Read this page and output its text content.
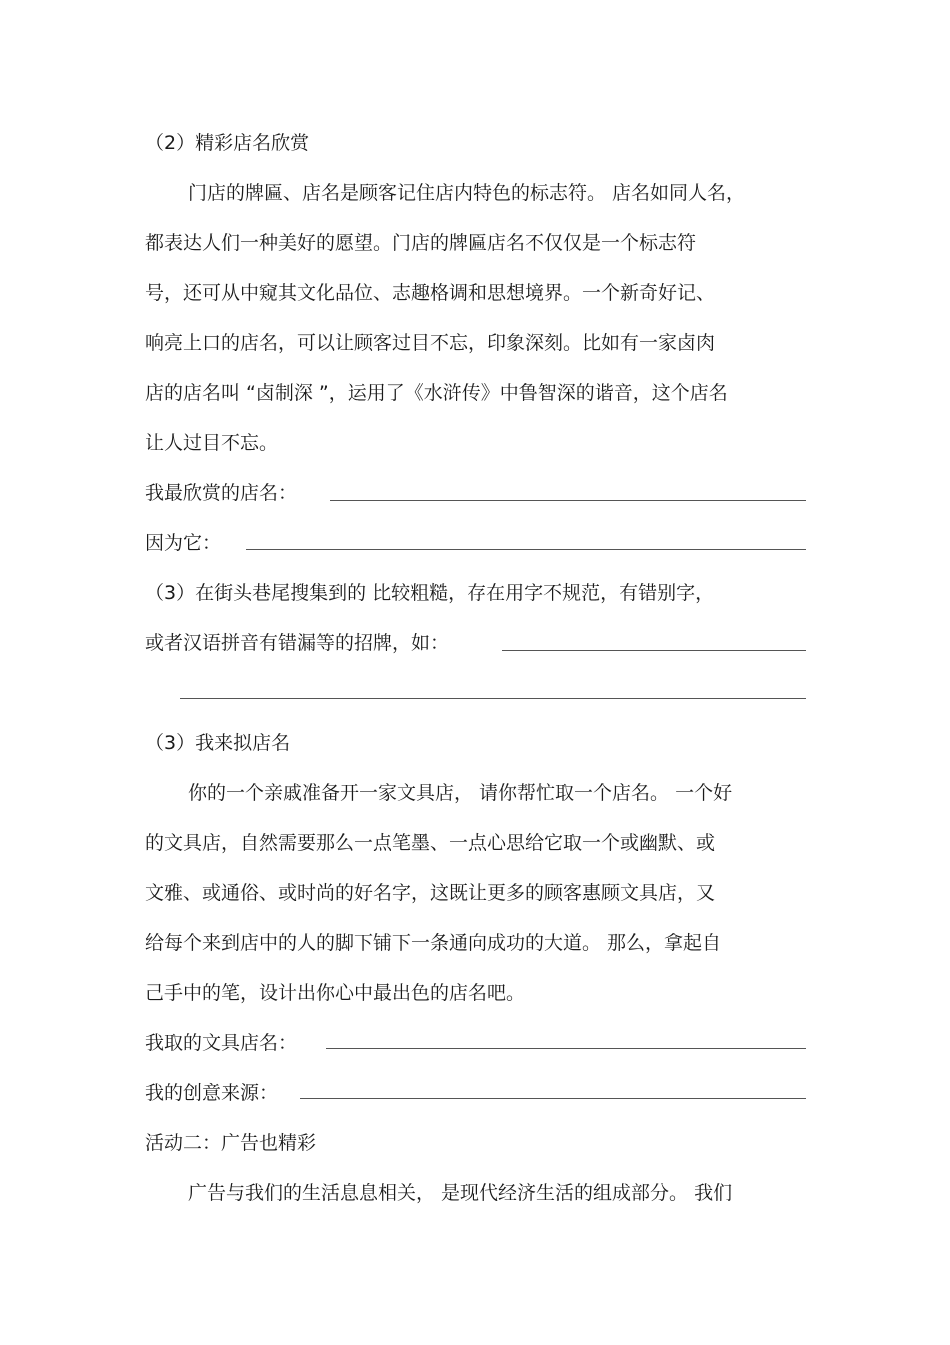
（2）精彩店名欣赏
门店的牌匾、店名是顾客记住店内特色的标志符。 店名如同人名，
都表达人们一种美好的愿望。门店的牌匾店名不仅仅是一个标志符
号，还可从中窥其文化品位、志趣格调和思想境界。一个新奇好记、
响亮上口的店名，可以让顾客过目不忘，印象深刻。比如有一家卤肉
店的店名叫 “卤制深 ”，运用了《水浒传》中鲁智深的谐音，这个店名
让人过目不忘。
我最欣赏的店名：
因为它：
（3）在街头巷尾搜集到的 比较粗糙，存在用字不规范，有错别字，
或者汉语拼音有错漏等的招牌，如：
（3）我来拟店名
你的一个亲戚准备开一家文具店， 请你帮忙取一个店名。 一个好
的文具店，自然需要那么一点笔墨、一点心思给它取一个或幽默、或
文雅、或通俗、或时尚的好名字，这既让更多的顾客惠顾文具店，又
给每个来到店中的人的脚下铺下一条通向成功的大道。 那么，拿起自
己手中的笔，设计出你心中最出色的店名吧。
我取的文具店名：
我的创意来源：
活动二：广告也精彩
广告与我们的生活息息相关， 是现代经济生活的组成部分。 我们
